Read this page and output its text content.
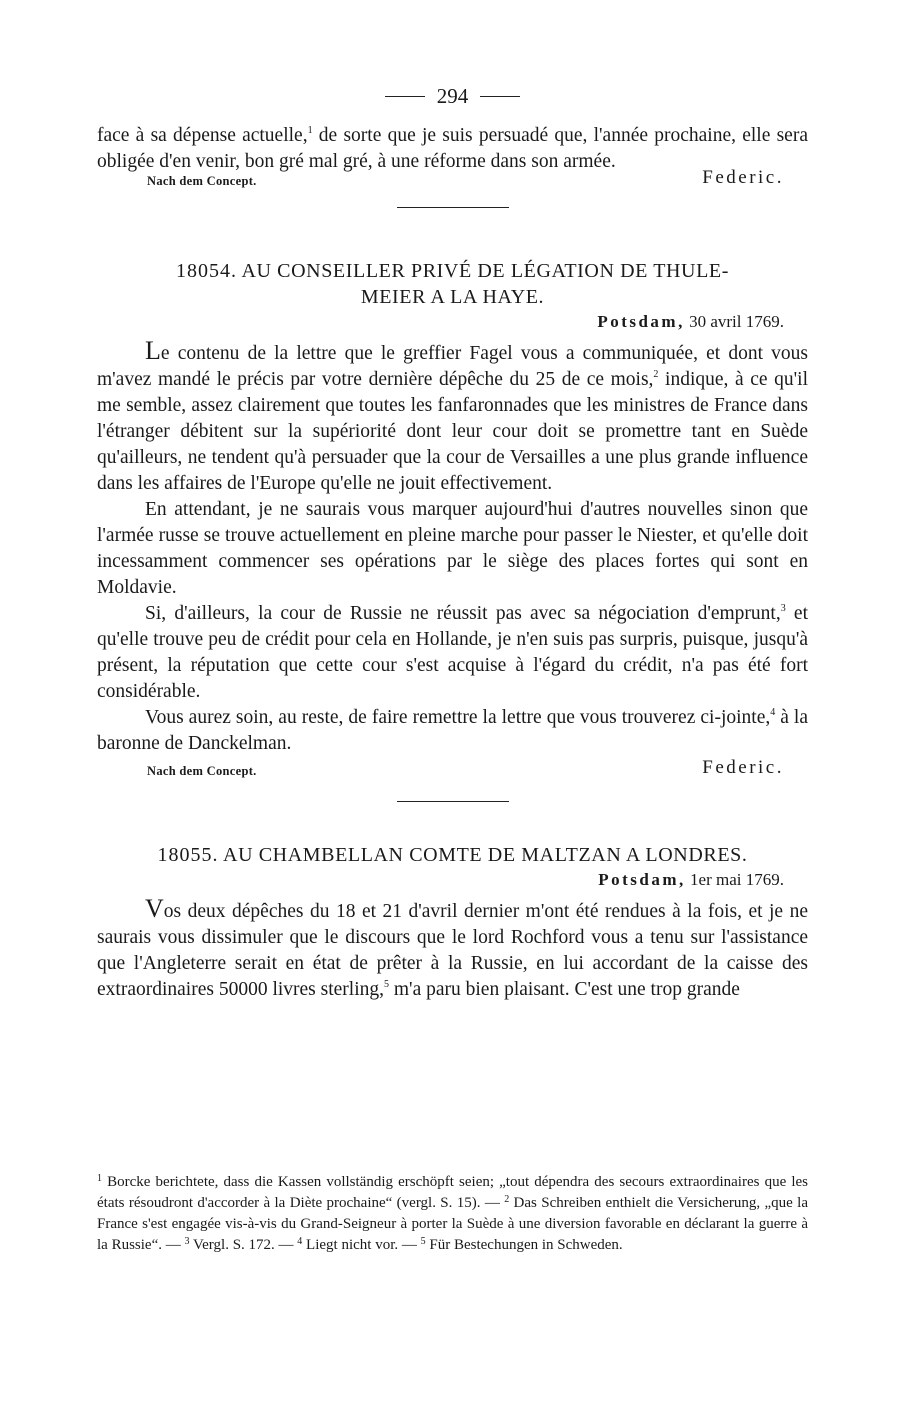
294

face à sa dépense actuelle,$^1$ de sorte que je suis persuadé que, l'année prochaine, elle sera obligée d'en venir, bon gré mal gré, à une réforme dans son armée.

Nach dem Concept.	Federic.
18054. AU CONSEILLER PRIVÉ DE LÉGATION DE THULE-
MEIER A LA HAYE.
Potsdam, 30 avril 1769.

Le contenu de la lettre que le greffier Fagel vous a communiquée, et dont vous m'avez mandé le précis par votre dernière dépêche du 25 de ce mois,$^2$ indique, à ce qu'il me semble, assez clairement que toutes les fanfaronnades que les ministres de France dans l'étranger débitent sur la supériorité dont leur cour doit se promettre tant en Suède qu'ailleurs, ne tendent qu'à persuader que la cour de Versailles a une plus grande influence dans les affaires de l'Europe qu'elle ne jouit effectivement.

En attendant, je ne saurais vous marquer aujourd'hui d'autres nouvelles sinon que l'armée russe se trouve actuellement en pleine marche pour passer le Niester, et qu'elle doit incessamment commencer ses opérations par le siège des places fortes qui sont en Moldavie.

Si, d'ailleurs, la cour de Russie ne réussit pas avec sa négociation d'emprunt,$^3$ et qu'elle trouve peu de crédit pour cela en Hollande, je n'en suis pas surpris, puisque, jusqu'à présent, la réputation que cette cour s'est acquise à l'égard du crédit, n'a pas été fort considérable.

Vous aurez soin, au reste, de faire remettre la lettre que vous trouverez ci-jointe,$^4$ à la baronne de Danckelman.

Nach dem Concept.	Federic.
18055. AU CHAMBELLAN COMTE DE MALTZAN A LONDRES.
Potsdam, 1er mai 1769.

Vos deux dépêches du 18 et 21 d'avril dernier m'ont été rendues à la fois, et je ne saurais vous dissimuler que le discours que le lord Rochford vous a tenu sur l'assistance que l'Angleterre serait en état de prêter à la Russie, en lui accordant de la caisse des extraordinaires 50000 livres sterling,$^5$ m'a paru bien plaisant. C'est une trop grande

$^1$ Borcke berichtete, dass die Kassen vollständig erschöpft seien; „tout dépendra des secours extraordinaires que les états résoudront d'accorder à la Diète prochaine“ (vergl. S. 15). — $^2$ Das Schreiben enthielt die Versicherung, „que la France s'est engagée vis-à-vis du Grand-Seigneur à porter la Suède à une diversion favorable en déclarant la guerre à la Russie“. — $^3$ Vergl. S. 172. — $^4$ Liegt nicht vor. — $^5$ Für Bestechungen in Schweden.
